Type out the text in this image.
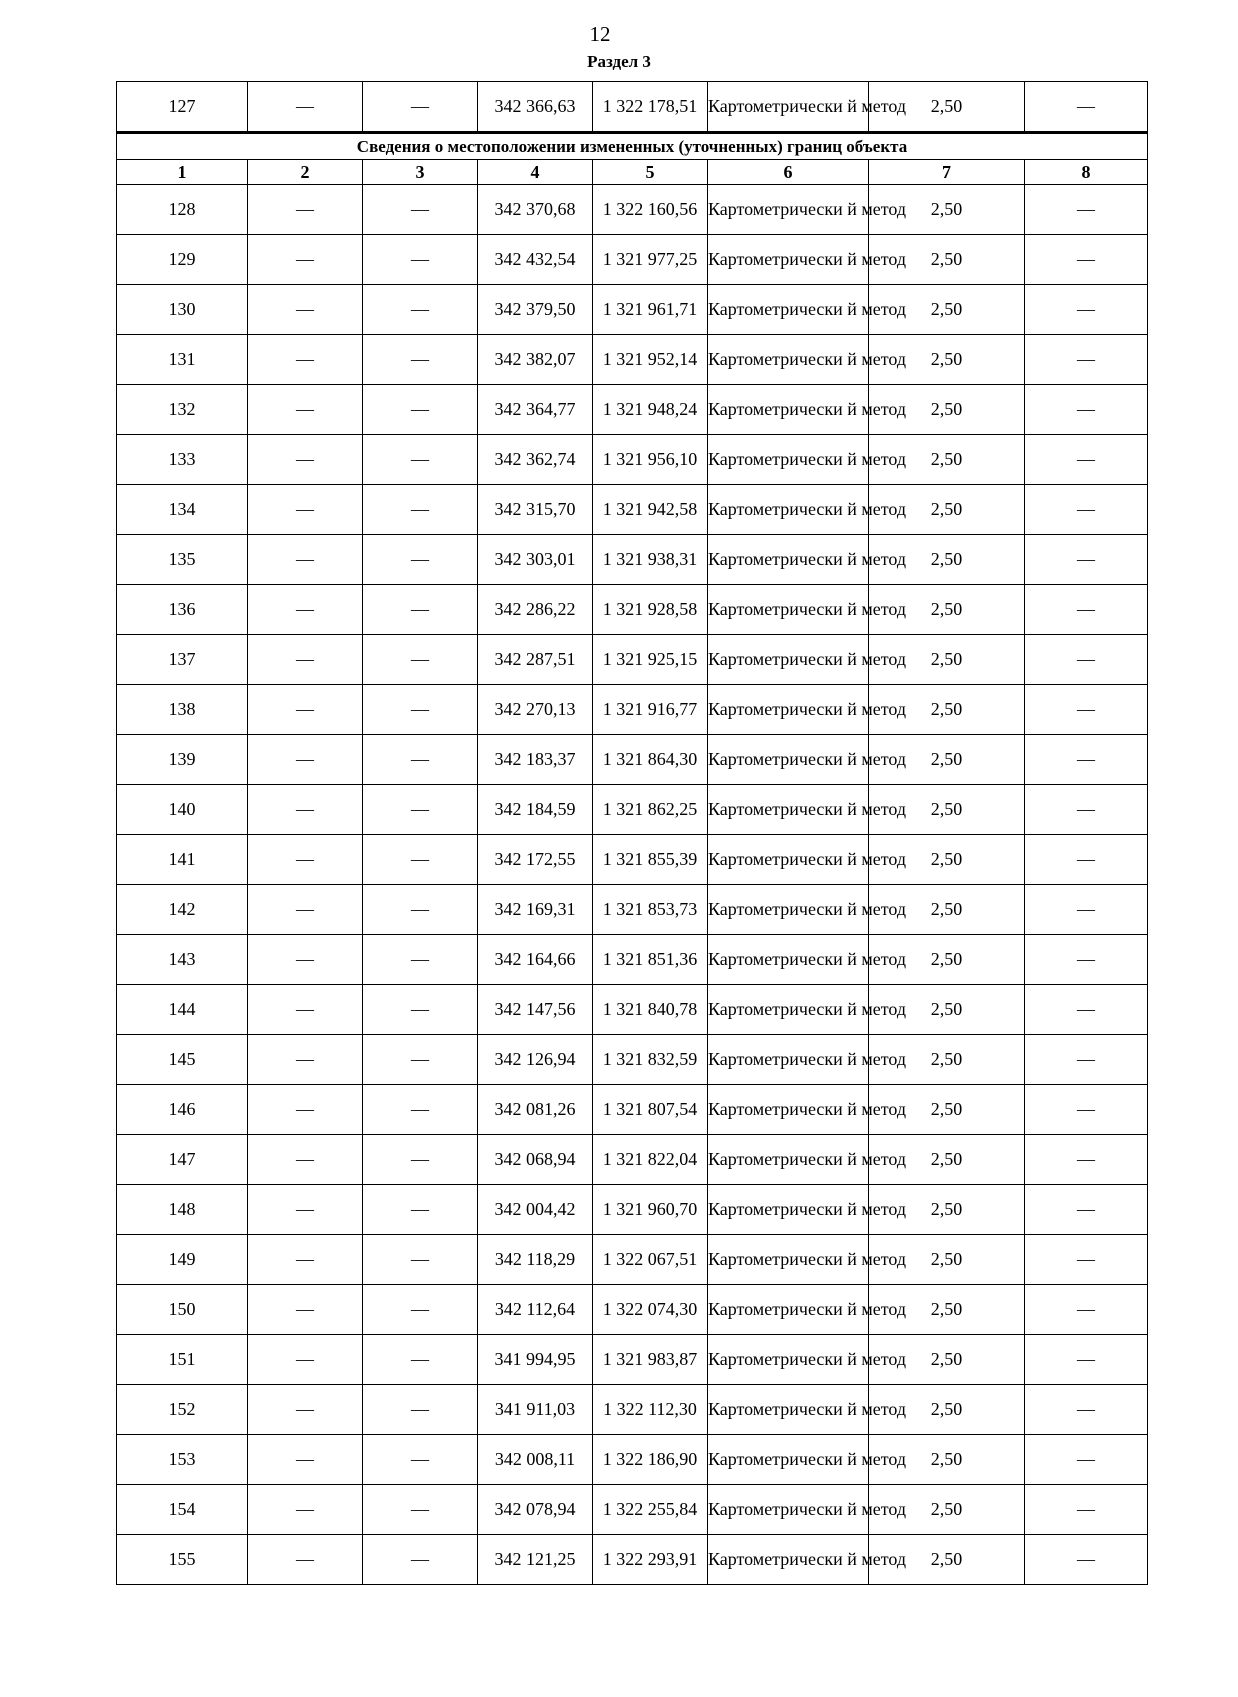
12
Раздел 3
127	—	—	342 366,63	1 322 178,51	Картометрически й метод	2,50	—
Сведения о местоположении измененных (уточненных) границ объекта							
1	2	3	4	5	6	7	8
128	—	—	342 370,68	1 322 160,56	Картометрически й метод	2,50	—
129	—	—	342 432,54	1 321 977,25	Картометрически й метод	2,50	—
130	—	—	342 379,50	1 321 961,71	Картометрически й метод	2,50	—
131	—	—	342 382,07	1 321 952,14	Картометрически й метод	2,50	—
132	—	—	342 364,77	1 321 948,24	Картометрически й метод	2,50	—
133	—	—	342 362,74	1 321 956,10	Картометрически й метод	2,50	—
134	—	—	342 315,70	1 321 942,58	Картометрически й метод	2,50	—
135	—	—	342 303,01	1 321 938,31	Картометрически й метод	2,50	—
136	—	—	342 286,22	1 321 928,58	Картометрически й метод	2,50	—
137	—	—	342 287,51	1 321 925,15	Картометрически й метод	2,50	—
138	—	—	342 270,13	1 321 916,77	Картометрически й метод	2,50	—
139	—	—	342 183,37	1 321 864,30	Картометрически й метод	2,50	—
140	—	—	342 184,59	1 321 862,25	Картометрически й метод	2,50	—
141	—	—	342 172,55	1 321 855,39	Картометрически й метод	2,50	—
142	—	—	342 169,31	1 321 853,73	Картометрически й метод	2,50	—
143	—	—	342 164,66	1 321 851,36	Картометрически й метод	2,50	—
144	—	—	342 147,56	1 321 840,78	Картометрически й метод	2,50	—
145	—	—	342 126,94	1 321 832,59	Картометрически й метод	2,50	—
146	—	—	342 081,26	1 321 807,54	Картометрически й метод	2,50	—
147	—	—	342 068,94	1 321 822,04	Картометрически й метод	2,50	—
148	—	—	342 004,42	1 321 960,70	Картометрически й метод	2,50	—
149	—	—	342 118,29	1 322 067,51	Картометрически й метод	2,50	—
150	—	—	342 112,64	1 322 074,30	Картометрически й метод	2,50	—
151	—	—	341 994,95	1 321 983,87	Картометрически й метод	2,50	—
152	—	—	341 911,03	1 322 112,30	Картометрически й метод	2,50	—
153	—	—	342 008,11	1 322 186,90	Картометрически й метод	2,50	—
154	—	—	342 078,94	1 322 255,84	Картометрически й метод	2,50	—
155	—	—	342 121,25	1 322 293,91	Картометрически й метод	2,50	—
